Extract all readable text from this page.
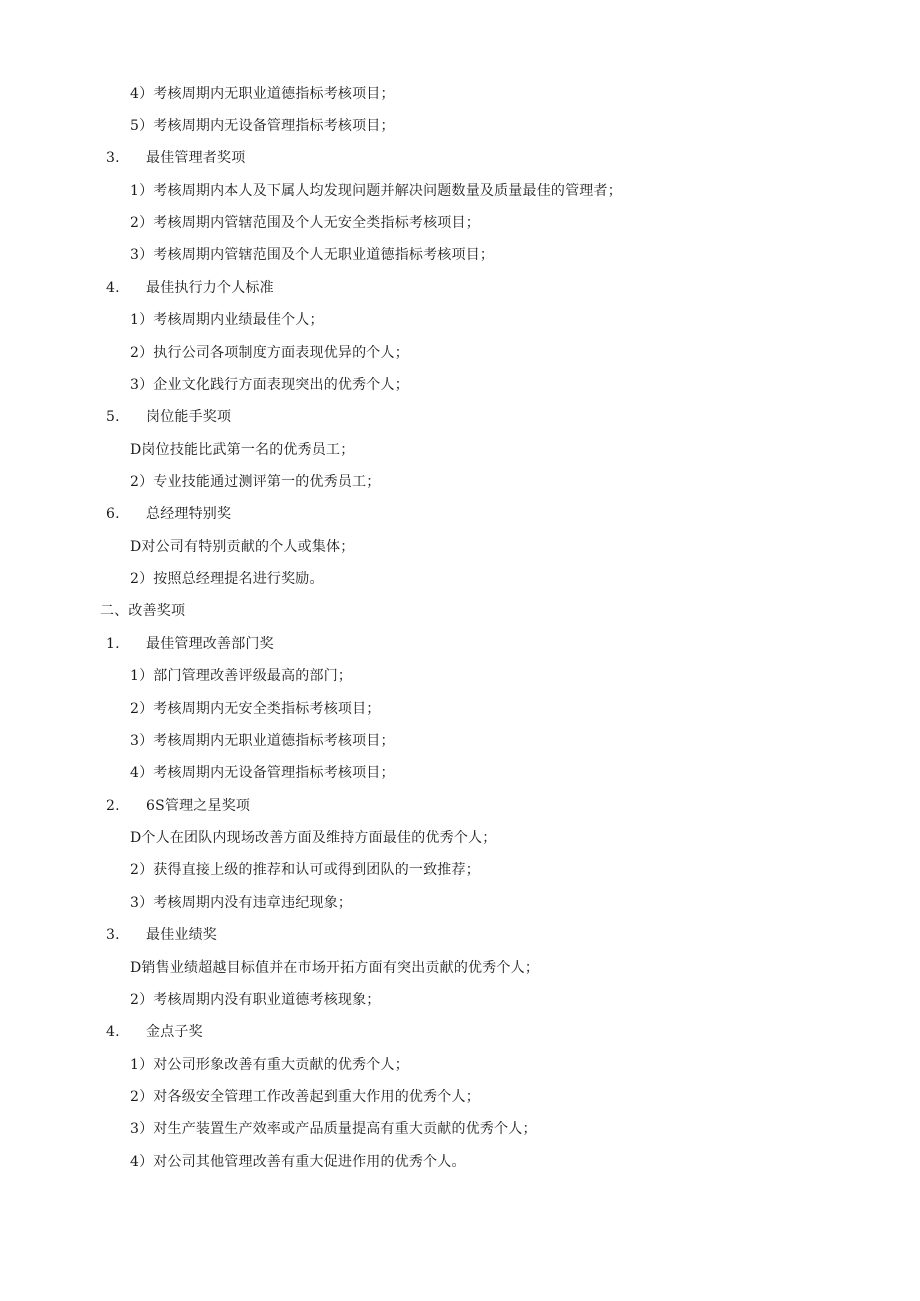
4）考核周期内无职业道德指标考核项目；
5）考核周期内无设备管理指标考核项目；
3. 最佳管理者奖项
1）考核周期内本人及下属人均发现问题并解决问题数量及质量最佳的管理者；
2）考核周期内管辖范围及个人无安全类指标考核项目；
3）考核周期内管辖范围及个人无职业道德指标考核项目；
4. 最佳执行力个人标准
1）考核周期内业绩最佳个人；
2）执行公司各项制度方面表现优异的个人；
3）企业文化践行方面表现突出的优秀个人；
5. 岗位能手奖项
D岗位技能比武第一名的优秀员工；
2）专业技能通过测评第一的优秀员工；
6. 总经理特别奖
D对公司有特别贡献的个人或集体；
2）按照总经理提名进行奖励。
二、改善奖项
1. 最佳管理改善部门奖
1）部门管理改善评级最高的部门；
2）考核周期内无安全类指标考核项目；
3）考核周期内无职业道德指标考核项目；
4）考核周期内无设备管理指标考核项目；
2. 6S管理之星奖项
D个人在团队内现场改善方面及维持方面最佳的优秀个人；
2）获得直接上级的推荐和认可或得到团队的一致推荐；
3）考核周期内没有违章违纪现象；
3. 最佳业绩奖
D销售业绩超越目标值并在市场开拓方面有突出贡献的优秀个人；
2）考核周期内没有职业道德考核现象；
4. 金点子奖
1）对公司形象改善有重大贡献的优秀个人；
2）对各级安全管理工作改善起到重大作用的优秀个人；
3）对生产装置生产效率或产品质量提高有重大贡献的优秀个人；
4）对公司其他管理改善有重大促进作用的优秀个人。
